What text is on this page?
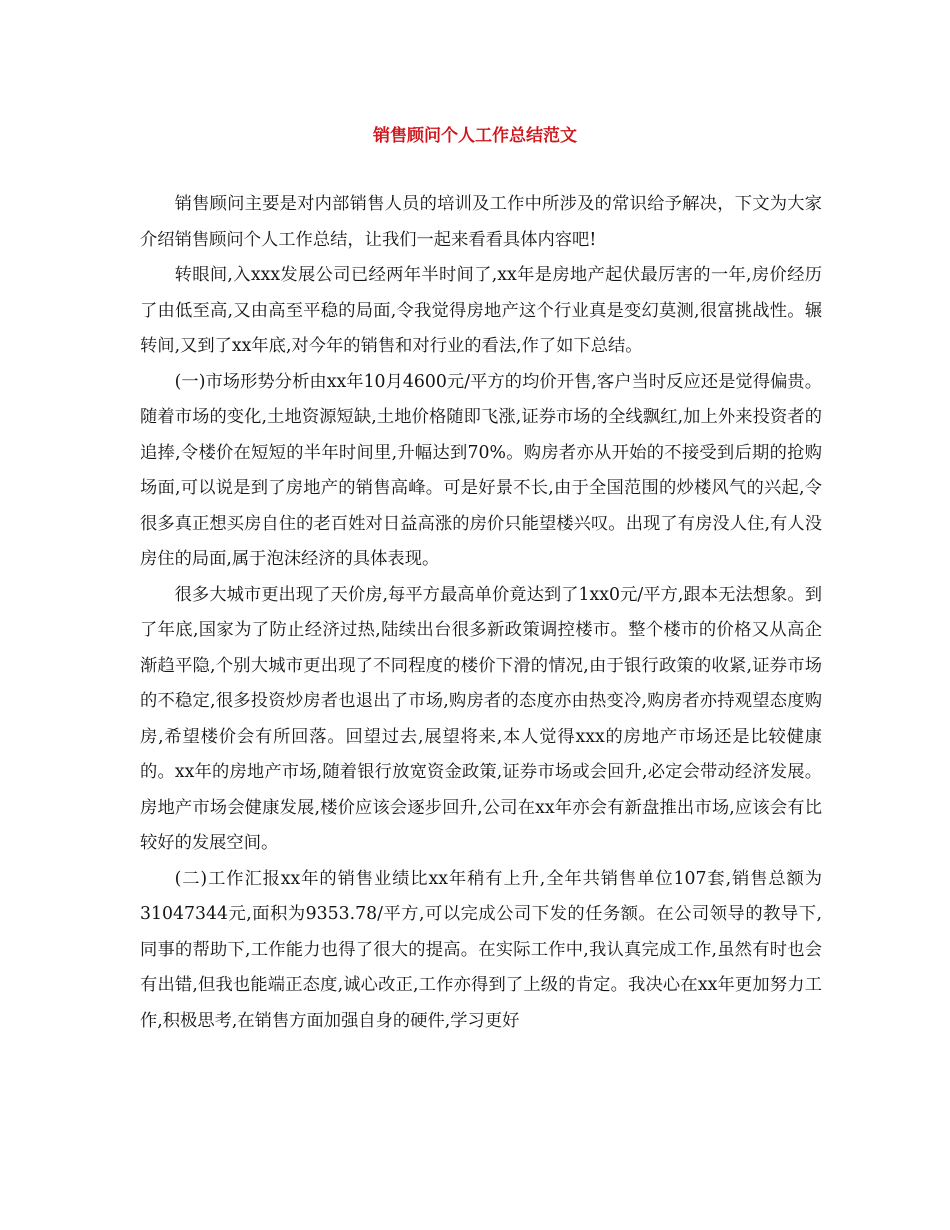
销售顾问个人工作总结范文

销售顾问主要是对内部销售人员的培训及工作中所涉及的常识给予解决，下文为大家介绍销售顾问个人工作总结，让我们一起来看看具体内容吧!

转眼间,入xxx发展公司已经两年半时间了,xx年是房地产起伏最厉害的一年,房价经历了由低至高,又由高至平稳的局面,令我觉得房地产这个行业真是变幻莫测,很富挑战性。辗转间,又到了xx年底,对今年的销售和对行业的看法,作了如下总结。

(一)市场形势分析由xx年10月4600元/平方的均价开售,客户当时反应还是觉得偏贵。随着市场的变化,土地资源短缺,土地价格随即飞涨,证券市场的全线飘红,加上外来投资者的追捧,令楼价在短短的半年时间里,升幅达到70%。购房者亦从开始的不接受到后期的抢购场面,可以说是到了房地产的销售高峰。可是好景不长,由于全国范围的炒楼风气的兴起,令很多真正想买房自住的老百姓对日益高涨的房价只能望楼兴叹。出现了有房没人住,有人没房住的局面,属于泡沫经济的具体表现。

很多大城市更出现了天价房,每平方最高单价竟达到了1xx0元/平方,跟本无法想象。到了年底,国家为了防止经济过热,陆续出台很多新政策调控楼市。整个楼市的价格又从高企渐趋平隐,个别大城市更出现了不同程度的楼价下滑的情况,由于银行政策的收紧,证券市场的不稳定,很多投资炒房者也退出了市场,购房者的态度亦由热变冷,购房者亦持观望态度购房,希望楼价会有所回落。回望过去,展望将来,本人觉得xxx的房地产市场还是比较健康的。xx年的房地产市场,随着银行放宽资金政策,证券市场或会回升,必定会带动经济发展。房地产市场会健康发展,楼价应该会逐步回升,公司在xx年亦会有新盘推出市场,应该会有比较好的发展空间。

(二)工作汇报xx年的销售业绩比xx年稍有上升,全年共销售单位107套,销售总额为31047344元,面积为9353.78/平方,可以完成公司下发的任务额。在公司领导的教导下,同事的帮助下,工作能力也得了很大的提高。在实际工作中,我认真完成工作,虽然有时也会有出错,但我也能端正态度,诚心改正,工作亦得到了上级的肯定。我决心在xx年更加努力工作,积极思考,在销售方面加强自身的硬件,学习更好
